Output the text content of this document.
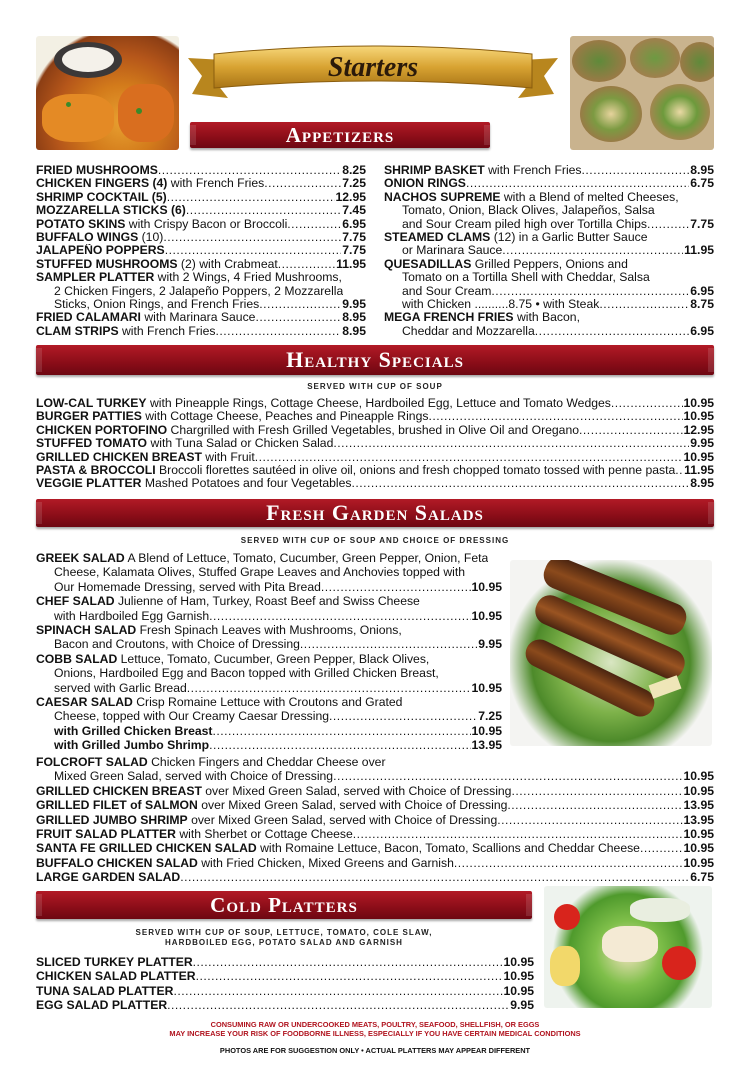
Starters
Appetizers
FRIED MUSHROOMS .....	8.25
CHICKEN FINGERS (4) with French Fries .....	7.25
SHRIMP COCKTAIL (5) .....	12.95
MOZZARELLA STICKS (6) .....	7.45
POTATO SKINS with Crispy Bacon or Broccoli .....	6.95
BUFFALO WINGS (10) .....	7.75
JALAPEÑO POPPERS .....	7.75
STUFFED MUSHROOMS (2) with Crabmeat .....	11.95
SAMPLER PLATTER with 2 Wings, 4 Fried Mushrooms,
2 Chicken Fingers, 2 Jalapeño Poppers, 2 Mozzarella
Sticks, Onion Rings, and French Fries .....	9.95
FRIED CALAMARI with Marinara Sauce .....	8.95
CLAM STRIPS with French Fries .....	8.95
SHRIMP BASKET with French Fries .....	8.95
ONION RINGS .....	6.75
NACHOS SUPREME with a Blend of melted Cheeses,
Tomato, Onion, Black Olives, Jalapeños, Salsa
and Sour Cream piled high over Tortilla Chips .....	7.75
STEAMED CLAMS (12) in a Garlic Butter Sauce
or Marinara Sauce .....	11.95
QUESADILLAS Grilled Peppers, Onions and
Tomato on a Tortilla Shell with Cheddar, Salsa
and Sour Cream .....	6.95
with Chicken ..........8.75 • with Steak .....	8.75
MEGA FRENCH FRIES with Bacon,
Cheddar and Mozzarella .....	6.95
Healthy Specials
SERVED WITH CUP OF SOUP
LOW-CAL TURKEY with Pineapple Rings, Cottage Cheese, Hardboiled Egg, Lettuce and Tomato Wedges .....	10.95
BURGER PATTIES with Cottage Cheese, Peaches and Pineapple Rings .....	10.95
CHICKEN PORTOFINO Chargrilled with Fresh Grilled Vegetables, brushed in Olive Oil and Oregano .....	12.95
STUFFED TOMATO with Tuna Salad or Chicken Salad .....	9.95
GRILLED CHICKEN BREAST with Fruit .....	10.95
PASTA & BROCCOLI Broccoli florettes sautéed in olive oil, onions and fresh chopped tomato tossed with penne pasta ..... 11.95
VEGGIE PLATTER Mashed Potatoes and four Vegetables .....	8.95
Fresh Garden Salads
SERVED WITH CUP OF SOUP AND CHOICE OF DRESSING
GREEK SALAD A Blend of Lettuce, Tomato, Cucumber, Green Pepper, Onion, Feta
Cheese, Kalamata Olives, Stuffed Grape Leaves and Anchovies topped with
Our Homemade Dressing, served with Pita Bread .....	10.95
CHEF SALAD Julienne of Ham, Turkey, Roast Beef and Swiss Cheese
with Hardboiled Egg Garnish .....	10.95
SPINACH SALAD Fresh Spinach Leaves with Mushrooms, Onions,
Bacon and Croutons, with Choice of Dressing .....	9.95
COBB SALAD Lettuce, Tomato, Cucumber, Green Pepper, Black Olives,
Onions, Hardboiled Egg and Bacon topped with Grilled Chicken Breast,
served with Garlic Bread .....	10.95
CAESAR SALAD Crisp Romaine Lettuce with Croutons and Grated
Cheese, topped with Our Creamy Caesar Dressing .....	7.25
with Grilled Chicken Breast .....	10.95
with Grilled Jumbo Shrimp .....	13.95
FOLCROFT SALAD Chicken Fingers and Cheddar Cheese over
Mixed Green Salad, served with Choice of Dressing .....	10.95
GRILLED CHICKEN BREAST over Mixed Green Salad, served with Choice of Dressing .....	10.95
GRILLED FILET of SALMON over Mixed Green Salad, served with Choice of Dressing .....	13.95
GRILLED JUMBO SHRIMP over Mixed Green Salad, served with Choice of Dressing .....	13.95
FRUIT SALAD PLATTER with Sherbet or Cottage Cheese .....	10.95
SANTA FE GRILLED CHICKEN SALAD with Romaine Lettuce, Bacon, Tomato, Scallions and Cheddar Cheese .....	10.95
BUFFALO CHICKEN SALAD with Fried Chicken, Mixed Greens and Garnish .....	10.95
LARGE GARDEN SALAD .....	6.75
Cold Platters
SERVED WITH CUP OF SOUP, LETTUCE, TOMATO, COLE SLAW,
HARDBOILED EGG, POTATO SALAD AND GARNISH
SLICED TURKEY PLATTER .....	10.95
CHICKEN SALAD PLATTER .....	10.95
TUNA SALAD PLATTER .....	10.95
EGG SALAD PLATTER .....	9.95
CONSUMING RAW OR UNDERCOOKED MEATS, POULTRY, SEAFOOD, SHELLFISH, OR EGGS
MAY INCREASE YOUR RISK OF FOODBORNE ILLNESS, ESPECIALLY IF YOU HAVE CERTAIN MEDICAL CONDITIONS
PHOTOS ARE FOR SUGGESTION ONLY • ACTUAL PLATTERS MAY APPEAR DIFFERENT
